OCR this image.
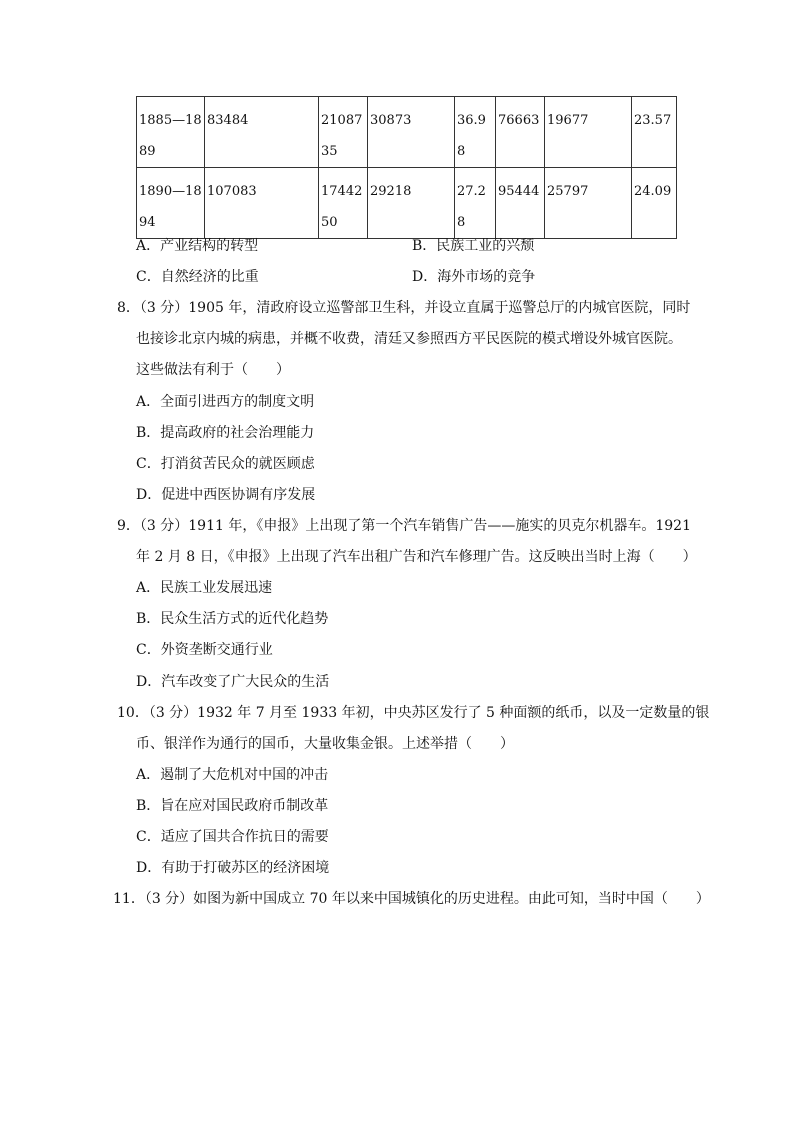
1885—1889	83484	2108735	30873	36.98	76663	19677	23.57
1890—1894	107083	1744250	29218	27.28	95444	25797	24.09
A．产业结构的转型	B．民族工业的兴颓
C．自然经济的比重	D．海外市场的竞争
8．（3 分）1905 年，清政府设立巡警部卫生科，并设立直属于巡警总厅的内城官医院，同时
也接诊北京内城的病患，并概不收费，清廷又参照西方平民医院的模式增设外城官医院。
这些做法有利于（　　）
A．全面引进西方的制度文明
B．提高政府的社会治理能力
C．打消贫苦民众的就医顾虑
D．促进中西医协调有序发展
9．（3 分）1911 年，《申报》上出现了第一个汽车销售广告——施实的贝克尔机器车。1921
年 2 月 8 日，《申报》上出现了汽车出租广告和汽车修理广告。这反映出当时上海（　　）
A．民族工业发展迅速
B．民众生活方式的近代化趋势
C．外资垄断交通行业
D．汽车改变了广大民众的生活
10．（3 分）1932 年 7 月至 1933 年初，中央苏区发行了 5 种面额的纸币，以及一定数量的银
币、银洋作为通行的国币，大量收集金银。上述举措（　　）
A．遏制了大危机对中国的冲击
B．旨在应对国民政府币制改革
C．适应了国共合作抗日的需要
D．有助于打破苏区的经济困境
11．（3 分）如图为新中国成立 70 年以来中国城镇化的历史进程。由此可知，当时中国（　　）
